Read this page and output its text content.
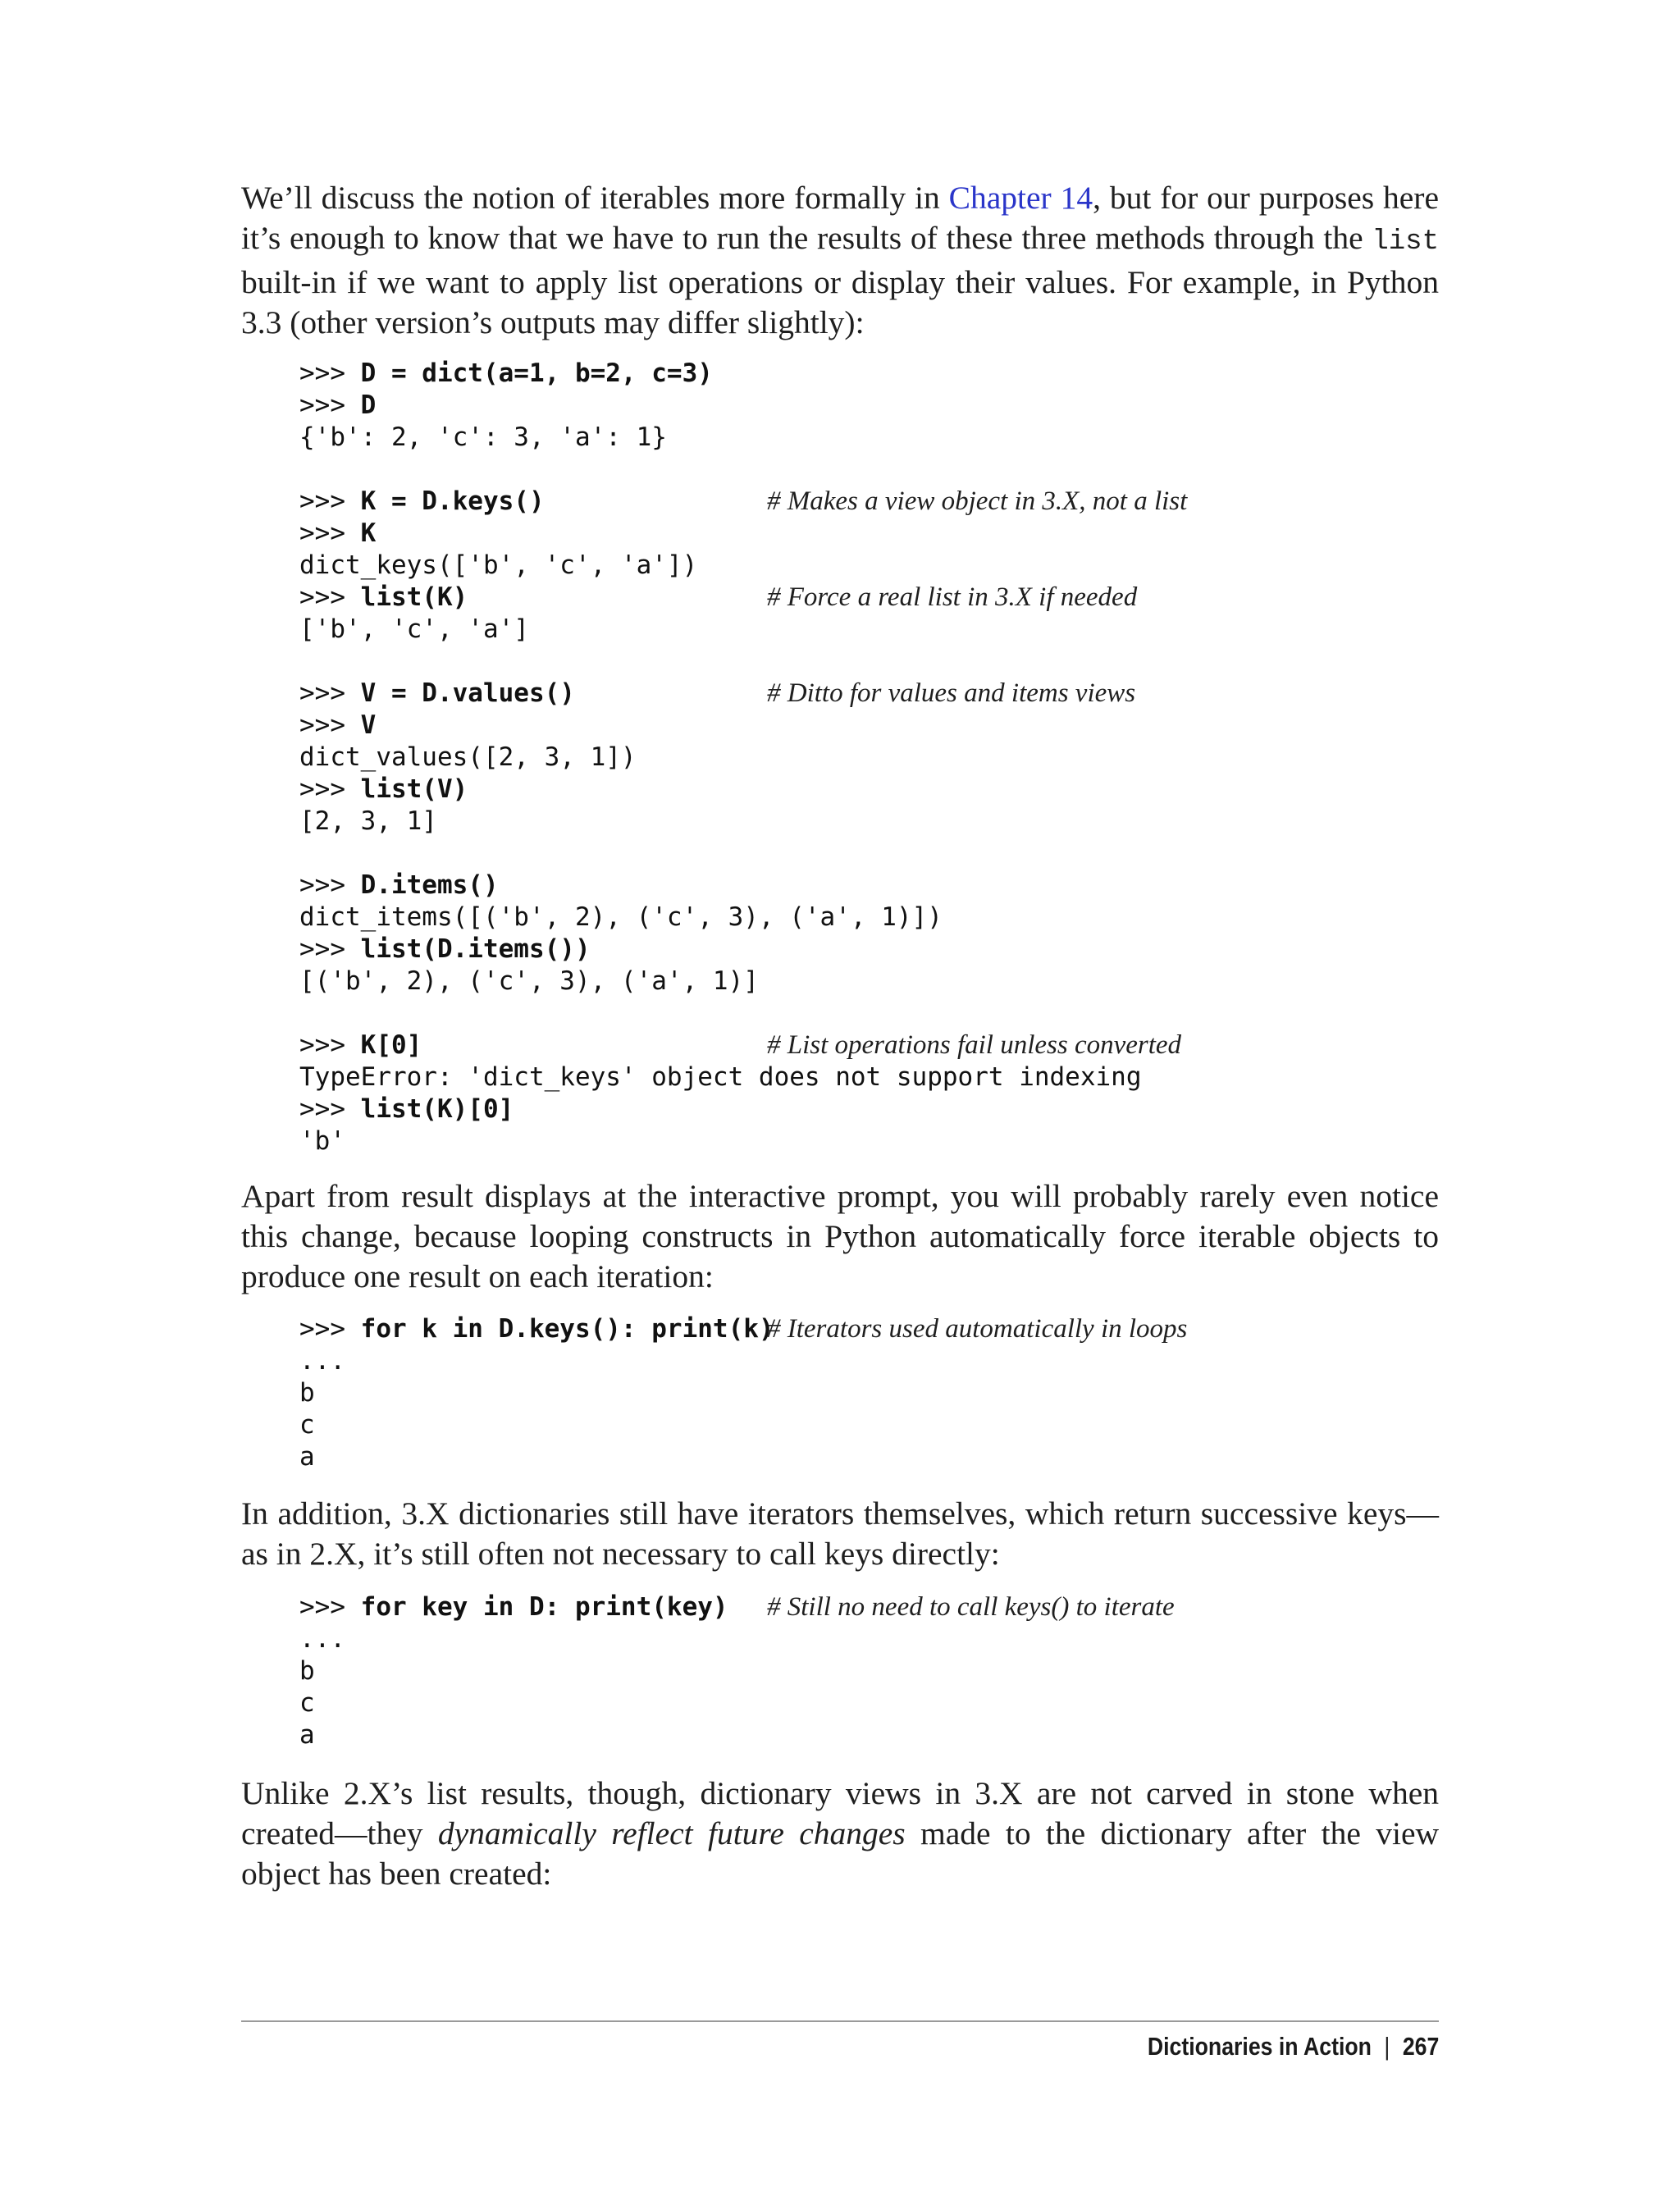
We’ll discuss the notion of iterables more formally in Chapter 14, but for our purposes here it’s enough to know that we have to run the results of these three methods through the list built-in if we want to apply list operations or display their values. For example, in Python 3.3 (other version’s outputs may differ slightly):

>>> D = dict(a=1, b=2, c=3)
>>> D
{'b': 2, 'c': 3, 'a': 1}
>>> K = D.keys()	# Makes a view object in 3.X, not a list
>>> K
dict_keys(['b', 'c', 'a'])
>>> list(K)	# Force a real list in 3.X if needed
['b', 'c', 'a']
>>> V = D.values()	# Ditto for values and items views
>>> V
dict_values([2, 3, 1])
>>> list(V)
[2, 3, 1]
>>> D.items()
dict_items([('b', 2), ('c', 3), ('a', 1)])
>>> list(D.items())
[('b', 2), ('c', 3), ('a', 1)]
>>> K[0]	# List operations fail unless converted
TypeError: 'dict_keys' object does not support indexing
>>> list(K)[0]
'b'

Apart from result displays at the interactive prompt, you will probably rarely even notice this change, because looping constructs in Python automatically force iterable objects to produce one result on each iteration:

>>> for k in D.keys(): print(k)
# Iterators used automatically in loops
...
b
c
a

In addition, 3.X dictionaries still have iterators themselves, which return successive keys—as in 2.X, it’s still often not necessary to call keys directly:

>>> for key in D: print(key) # Still no need to call keys() to iterate
...
b
c
a

Unlike 2.X’s list results, though, dictionary views in 3.X are not carved in stone when created—they dynamically reflect future changes made to the dictionary after the view object has been created:

Dictionaries in Action | 267
